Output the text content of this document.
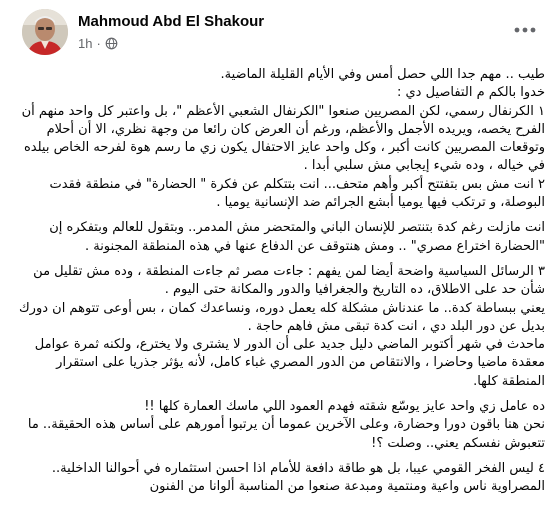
Mahmoud Abd El Shakour
1h ·

طيب .. مهم جدا اللي حصل أمس وفي الأيام القليلة الماضية.

خدوا بالكم م التفاصيل دي :

١ الكرنفال رسمي، لكن المصريين صنعوا "الكرنفال الشعبي الأعظم "، بل واعتبر كل واحد منهم أن الفرح يخصه، ويريده الأجمل والأعظم، ورغم أن العرض كان رائعا من وجهة نظري، الا أن أحلام وتوقعات المصريين كانت أكبر ، وكل واحد عايز الاحتفال يكون زي ما رسم هوة لفرحه الخاص بيلده في خياله ، وده شيء إيجابي مش سلبي أبدا .

٢ انت مش بس بتفتتح أكبر وأهم متحف... انت بتتكلم عن فكرة " الحضارة" في منطقة فقدت البوصلة، و ترتكب فيها يوميا أبشع الجرائم ضد الإنسانية يوميا .

انت مازلت رغم كدة بتنتصر للإنسان الباني والمتحضر مش المدمر.. وبتقول للعالم وبتفكره إن "الحضارة اختراع مصري" .. ومش هنتوقف عن الدفاع عنها في هذه المنطقة المجنونة .

٣ الرسائل السياسية واضحة أيضا لمن يفهم : جاءت مصر ثم جاءت المنطقة ، وده مش تقليل من شأن حد على الاطلاق، ده التاريخ والجغرافيا والدور والمكانة حتى اليوم .

يعني ببساطة كدة.. ما عندناش مشكلة كله يعمل دوره، ونساعدك كمان ، بس أوعى تتوهم ان دورك بديل عن دور البلد دي ، انت كدة تبقى مش فاهم حاجة .

ماحدث في شهر أكتوبر الماضي دليل جديد على أن الدور لا يشترى ولا يخترع، ولكنه ثمرة عوامل معقدة ماضيا وحاضرا ، والانتقاص من الدور المصري غباء كامل، لأنه يؤثر جذريا على استقرار المنطقة كلها.

ده عامل زي واحد عايز يوسّع شقته فهدم العمود اللي ماسك العمارة كلها !!

نحن هنا باقون دورا وحضارة، وعلى الآخرين عموما أن يرتبوا أمورهم على أساس هذه الحقيقة.. ما تتعبوش نفسكم يعني.. وصلت ؟!

٤ ليس الفخر القومي عيبا، بل هو طاقة دافعة للأمام اذا احسن استثماره في أحوالنا الداخلية.. المصراوية ناس واعية ومنتمية ومبدعة صنعوا من المناسبة ألوانا من الفنون
